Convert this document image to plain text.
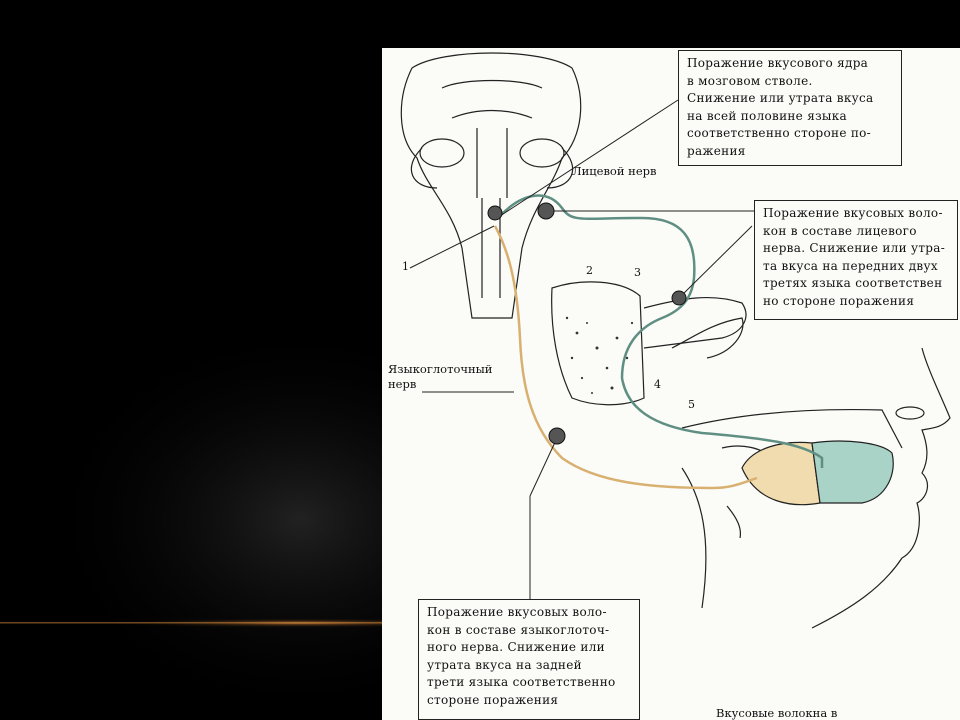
Поражение вкусового ядра
в мозговом стволе.
Снижение или утрата вкуса
на всей половине языка
соответственно стороне по-
ражения
Поражение вкусовых воло-
кон в составе лицевого
нерва. Снижение или утра-
та вкуса на передних двух
третях языка соответствен
но стороне поражения
Поражение вкусовых воло-
кон в составе языкоглоточ-
ного нерва. Снижение или
утрата вкуса на задней
трети языка соответственно
стороне поражения
Лицевой нерв
Языкоглоточный
нерв
Вкусовые волокна в
1	2	3
4
5
